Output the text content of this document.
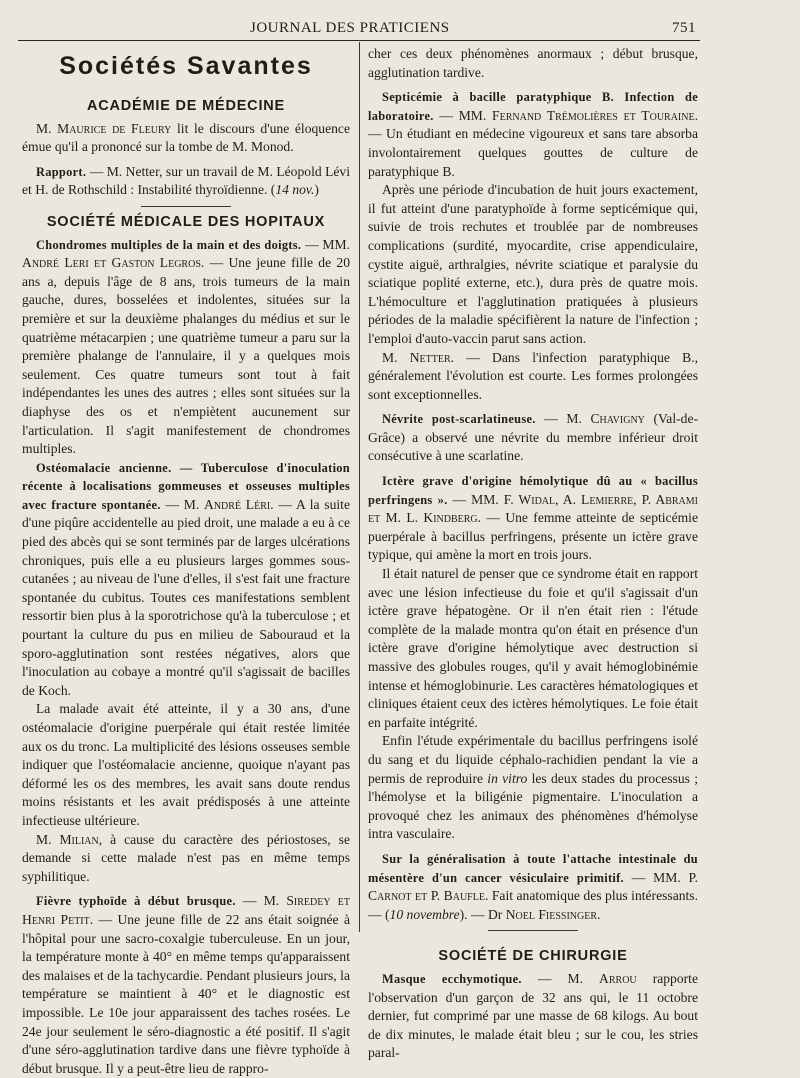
JOURNAL DES PRATICIENS	751
Sociétés Savantes
ACADÉMIE DE MÉDECINE

M. Maurice de Fleury lit le discours d'une éloquence émue qu'il a prononcé sur la tombe de M. Monod.

Rapport. — M. Netter, sur un travail de M. Léopold Lévi et H. de Rothschild : Instabilité thyroïdienne. (14 nov.)

SOCIÉTÉ MÉDICALE DES HOPITAUX

Chondromes multiples de la main et des doigts. — MM. André Leri et Gaston Legros. — Une jeune fille de 20 ans a, depuis l'âge de 8 ans, trois tumeurs de la main gauche, dures, bosselées et indolentes, situées sur la première et sur la deuxième phalanges du médius et sur le quatrième métacarpien ; une quatrième tumeur a paru sur la première phalange de l'annulaire, il y a quelques mois seulement. Ces quatre tumeurs sont tout à fait indépendantes les unes des autres ; elles sont situées sur la diaphyse des os et n'empiètent aucunement sur l'articulation. Il s'agit manifestement de chondromes multiples.

Ostéomalacie ancienne. — Tuberculose d'inoculation récente à localisations gommeuses et osseuses multiples avec fracture spontanée. — M. André Léri. — A la suite d'une piqûre accidentelle au pied droit, une malade a eu à ce pied des abcès qui se sont terminés par de larges ulcérations chroniques, puis elle a eu plusieurs larges gommes sous-cutanées ; au niveau de l'une d'elles, il s'est fait une fracture spontanée du cubitus. Toutes ces manifestations semblent ressortir bien plus à la sporotrichose qu'à la tuberculose ; et pourtant la culture du pus en milieu de Sabouraud et la sporo-agglutination sont restées négatives, alors que l'inoculation au cobaye a montré qu'il s'agissait de bacilles de Koch.

La malade avait été atteinte, il y a 30 ans, d'une ostéomalacie d'origine puerpérale qui était restée limitée aux os du tronc. La multiplicité des lésions osseuses semble indiquer que l'ostéomalacie ancienne, quoique n'ayant pas déformé les os des membres, les avait sans doute rendus moins résistants et les avait prédisposés à une atteinte infectieuse ultérieure.

M. Milian, à cause du caractère des périostoses, se demande si cette malade n'est pas en même temps syphilitique.

Fièvre typhoïde à début brusque. — M. Siredey et Henri Petit. — Une jeune fille de 22 ans était soignée à l'hôpital pour une sacro-coxalgie tuberculeuse. En un jour, la température monte à 40° en même temps qu'apparaissent des malaises et de la tachycardie. Pendant plusieurs jours, la température se maintient à 40° et le diagnostic est impossible. Le 10e jour apparaissent des taches rosées. Le 24e jour seulement le séro-diagnostic a été positif. Il s'agit d'une séro-agglutination tardive dans une fièvre typhoïde à début brusque. Il y a peut-être lieu de rappro-

cher ces deux phénomènes anormaux ; début brusque, agglutination tardive.

Septicémie à bacille paratyphique B. Infection de laboratoire. — MM. Fernand Trémolières et Touraine. — Un étudiant en médecine vigoureux et sans tare absorba involontairement quelques gouttes de culture de paratyphique B.

Après une période d'incubation de huit jours exactement, il fut atteint d'une paratyphoïde à forme septicémique qui, suivie de trois rechutes et troublée par de nombreuses complications (surdité, myocardite, crise appendiculaire, cystite aiguë, arthralgies, névrite sciatique et paralysie du sciatique poplité externe, etc.), dura près de quatre mois. L'hémoculture et l'agglutination pratiquées à plusieurs périodes de la maladie spécifièrent la nature de l'infection ; l'emploi d'auto-vaccin parut sans action.

M. Netter. — Dans l'infection paratyphique B., généralement l'évolution est courte. Les formes prolongées sont exceptionnelles.

Névrite post-scarlatineuse. — M. Chavigny (Val-de-Grâce) a observé une névrite du membre inférieur droit consécutive à une scarlatine.

Ictère grave d'origine hémolytique dû au « bacillus perfringens ». — MM. F. Widal, A. Lemierre, P. Abrami et M. L. Kindberg. — Une femme atteinte de septicémie puerpérale à bacillus perfringens, présente un ictère grave typique, qui amène la mort en trois jours.

Il était naturel de penser que ce syndrome était en rapport avec une lésion infectieuse du foie et qu'il s'agissait d'un ictère grave hépatogène. Or il n'en était rien : l'étude complète de la malade montra qu'on était en présence d'un ictère grave d'origine hémolytique avec destruction si massive des globules rouges, qu'il y avait hémoglobinémie intense et hémoglobinurie. Les caractères hématologiques et cliniques étaient ceux des ictères hémolytiques. Le foie était en parfaite intégrité.

Enfin l'étude expérimentale du bacillus perfringens isolé du sang et du liquide céphalo-rachidien pendant la vie a permis de reproduire in vitro les deux stades du processus ; l'hémolyse et la biligénie pigmentaire. L'inoculation a provoqué chez les animaux des phénomènes d'hémolyse intra vasculaire.

Sur la généralisation à toute l'attache intestinale du mésentère d'un cancer vésiculaire primitif. — MM. P. Carnot et P. Baufle. Fait anatomique des plus intéressants. — (10 novembre). — Dr Noel Fiessinger.

SOCIÉTÉ DE CHIRURGIE

Masque ecchymotique. — M. Arrou rapporte l'observation d'un garçon de 32 ans qui, le 11 octobre dernier, fut comprimé par une masse de 68 kilogs. Au bout de dix minutes, le malade était bleu ; sur le cou, les stries paral-
